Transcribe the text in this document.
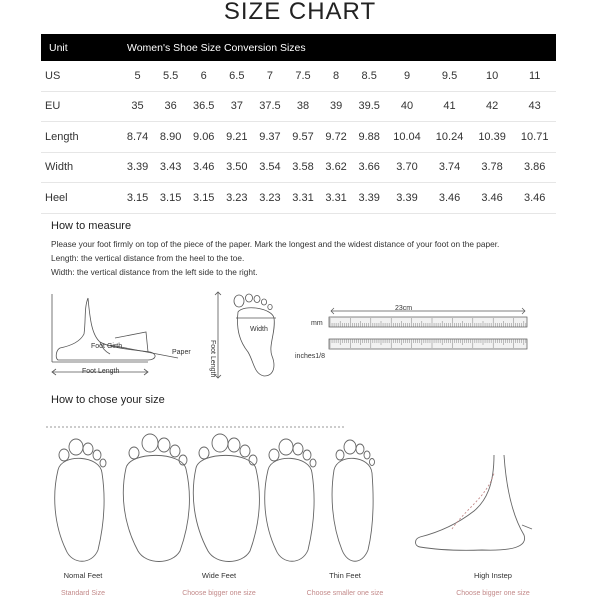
SIZE CHART
Unit	Women's Shoe Size Conversion Sizes											
US	5	5.5	6	6.5	7	7.5	8	8.5	9	9.5	10	11
EU	35	36	36.5	37	37.5	38	39	39.5	40	41	42	43
Length	8.74	8.90	9.06	9.21	9.37	9.57	9.72	9.88	10.04	10.24	10.39	10.71
Width	3.39	3.43	3.46	3.50	3.54	3.58	3.62	3.66	3.70	3.74	3.78	3.86
Heel	3.15	3.15	3.15	3.23	3.23	3.31	3.31	3.39	3.39	3.46	3.46	3.46
How to measure
Please your foot firmly on top of the piece of the paper. Mark the longest and the widest distance of your foot on the paper.
Length: the vertical distance from the heel to the toe.
Width: the vertical distance from the left side to the right.
Foot Girth
Paper
Foot Length
Width
Foot Length
23cm
mm
inches1/8
How to chose your size
Nomal Feet
Standard Size
Wide Feet
Choose bigger one size
Thin Feet
Choose smaller one size
High Instep
Choose bigger one size
